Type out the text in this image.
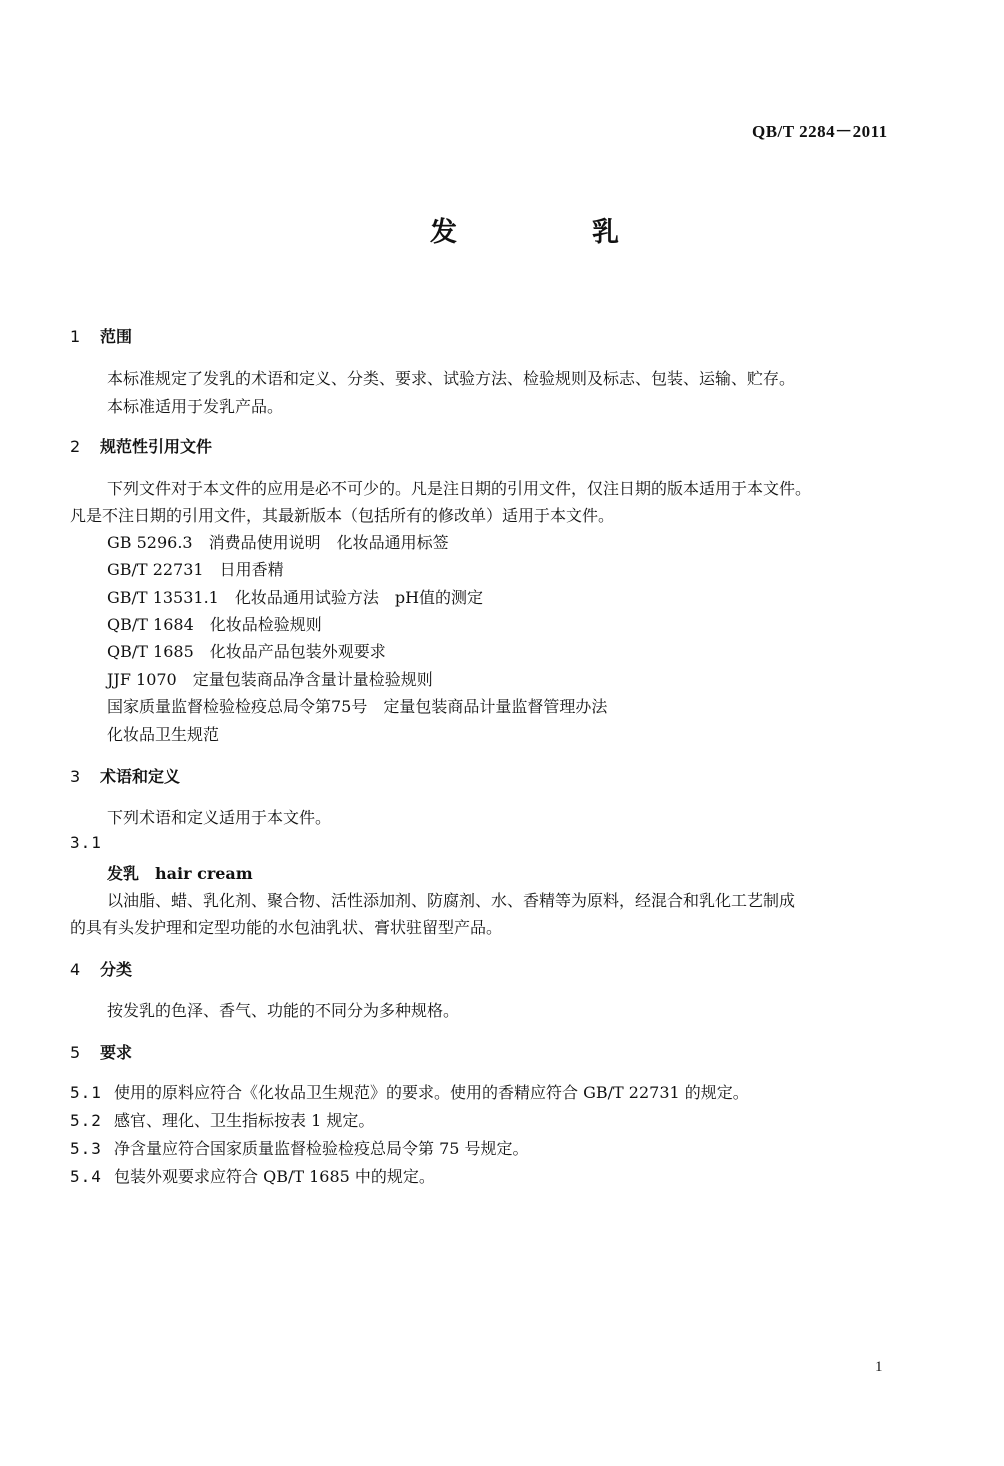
QB/T 2284－2011
发　乳
1 范围
本标准规定了发乳的术语和定义、分类、要求、试验方法、检验规则及标志、包装、运输、贮存。
本标准适用于发乳产品。
2 规范性引用文件
下列文件对于本文件的应用是必不可少的。凡是注日期的引用文件，仅注日期的版本适用于本文件。
凡是不注日期的引用文件，其最新版本（包括所有的修改单）适用于本文件。
GB 5296.3 消费品使用说明　化妆品通用标签
GB/T 22731 日用香精
GB/T 13531.1 化妆品通用试验方法　pH值的测定
QB/T 1684 化妆品检验规则
QB/T 1685 化妆品产品包装外观要求
JJF 1070 定量包装商品净含量计量检验规则
国家质量监督检验检疫总局令第75号 定量包装商品计量监督管理办法
化妆品卫生规范
3 术语和定义
下列术语和定义适用于本文件。
3.1
发乳　hair cream
以油脂、蜡、乳化剂、聚合物、活性添加剂、防腐剂、水、香精等为原料，经混合和乳化工艺制成
的具有头发护理和定型功能的水包油乳状、膏状驻留型产品。
4 分类
按发乳的色泽、香气、功能的不同分为多种规格。
5 要求
5.1 使用的原料应符合《化妆品卫生规范》的要求。使用的香精应符合 GB/T 22731 的规定。
5.2 感官、理化、卫生指标按表 1 规定。
5.3 净含量应符合国家质量监督检验检疫总局令第 75 号规定。
5.4 包装外观要求应符合 QB/T 1685 中的规定。
1
